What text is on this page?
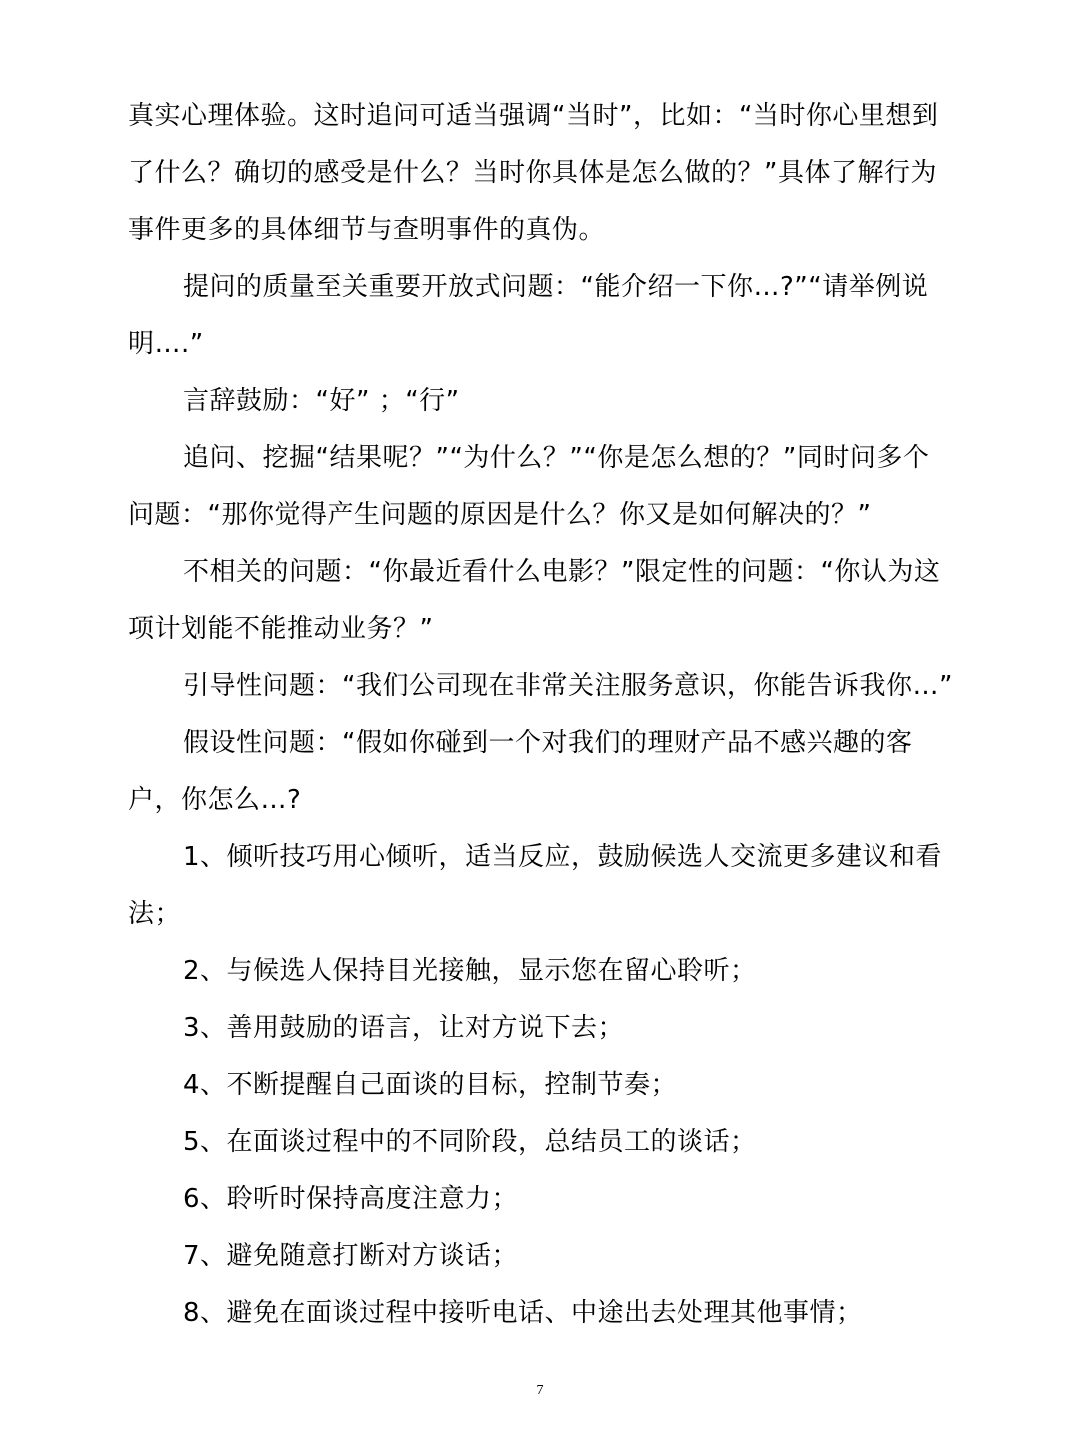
真实心理体验。这时追问可适当强调“当时”，比如：“当时你心里想到了什么？确切的感受是什么？当时你具体是怎么做的？”具体了解行为事件更多的具体细节与查明事件的真伪。

提问的质量至关重要开放式问题：“能介绍一下你…?”“请举例说明….”

言辞鼓励：“好” ；“行”

追问、挖掘“结果呢？”“为什么？”“你是怎么想的？”同时问多个问题：“那你觉得产生问题的原因是什么？你又是如何解决的？”

不相关的问题：“你最近看什么电影？”限定性的问题：“你认为这项计划能不能推动业务？”

引导性问题：“我们公司现在非常关注服务意识，你能告诉我你…”

假设性问题：“假如你碰到一个对我们的理财产品不感兴趣的客户，你怎么…?

1、倾听技巧用心倾听，适当反应，鼓励候选人交流更多建议和看法；

2、与候选人保持目光接触，显示您在留心聆听；

3、善用鼓励的语言，让对方说下去；

4、不断提醒自己面谈的目标，控制节奏；

5、在面谈过程中的不同阶段，总结员工的谈话；

6、聆听时保持高度注意力；

7、避免随意打断对方谈话；

8、避免在面谈过程中接听电话、中途出去处理其他事情；

7
